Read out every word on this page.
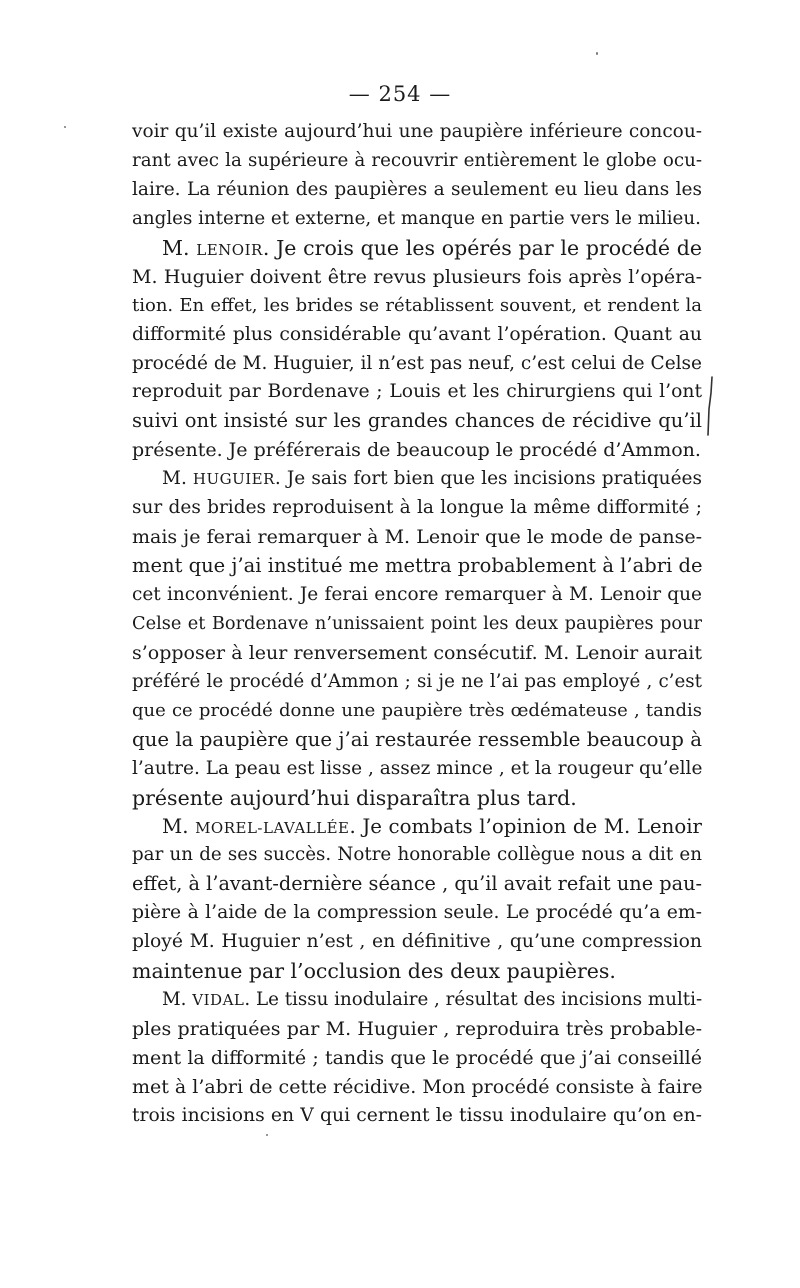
— 254 —
voir qu’il existe aujourd’hui une paupière inférieure concou-
rant avec la supérieure à recouvrir entièrement le globe ocu-
laire. La réunion des paupières a seulement eu lieu dans les
angles interne et externe, et manque en partie vers le milieu.
M. LENOIR. Je crois que les opérés par le procédé de
M. Huguier doivent être revus plusieurs fois après l’opéra-
tion. En effet, les brides se rétablissent souvent, et rendent la
difformité plus considérable qu’avant l’opération. Quant au
procédé de M. Huguier, il n’est pas neuf, c’est celui de Celse
reproduit par Bordenave ; Louis et les chirurgiens qui l’ont
suivi ont insisté sur les grandes chances de récidive qu’il
présente. Je préférerais de beaucoup le procédé d’Ammon.
M. HUGUIER. Je sais fort bien que les incisions pratiquées
sur des brides reproduisent à la longue la même difformité ;
mais je ferai remarquer à M. Lenoir que le mode de panse-
ment que j’ai institué me mettra probablement à l’abri de
cet inconvénient. Je ferai encore remarquer à M. Lenoir que
Celse et Bordenave n’unissaient point les deux paupières pour
s’opposer à leur renversement consécutif. M. Lenoir aurait
préféré le procédé d’Ammon ; si je ne l’ai pas employé , c’est
que ce procédé donne une paupière très œdémateuse , tandis
que la paupière que j’ai restaurée ressemble beaucoup à
l’autre. La peau est lisse , assez mince , et la rougeur qu’elle
présente aujourd’hui disparaîtra plus tard.
M. MOREL-LAVALLÉE. Je combats l’opinion de M. Lenoir
par un de ses succès. Notre honorable collègue nous a dit en
effet, à l’avant-dernière séance , qu’il avait refait une pau-
pière à l’aide de la compression seule. Le procédé qu’a em-
ployé M. Huguier n’est , en définitive , qu’une compression
maintenue par l’occlusion des deux paupières.
M. VIDAL. Le tissu inodulaire , résultat des incisions multi-
ples pratiquées par M. Huguier , reproduira très probable-
ment la difformité ; tandis que le procédé que j’ai conseillé
met à l’abri de cette récidive. Mon procédé consiste à faire
trois incisions en V qui cernent le tissu inodulaire qu’on en-
